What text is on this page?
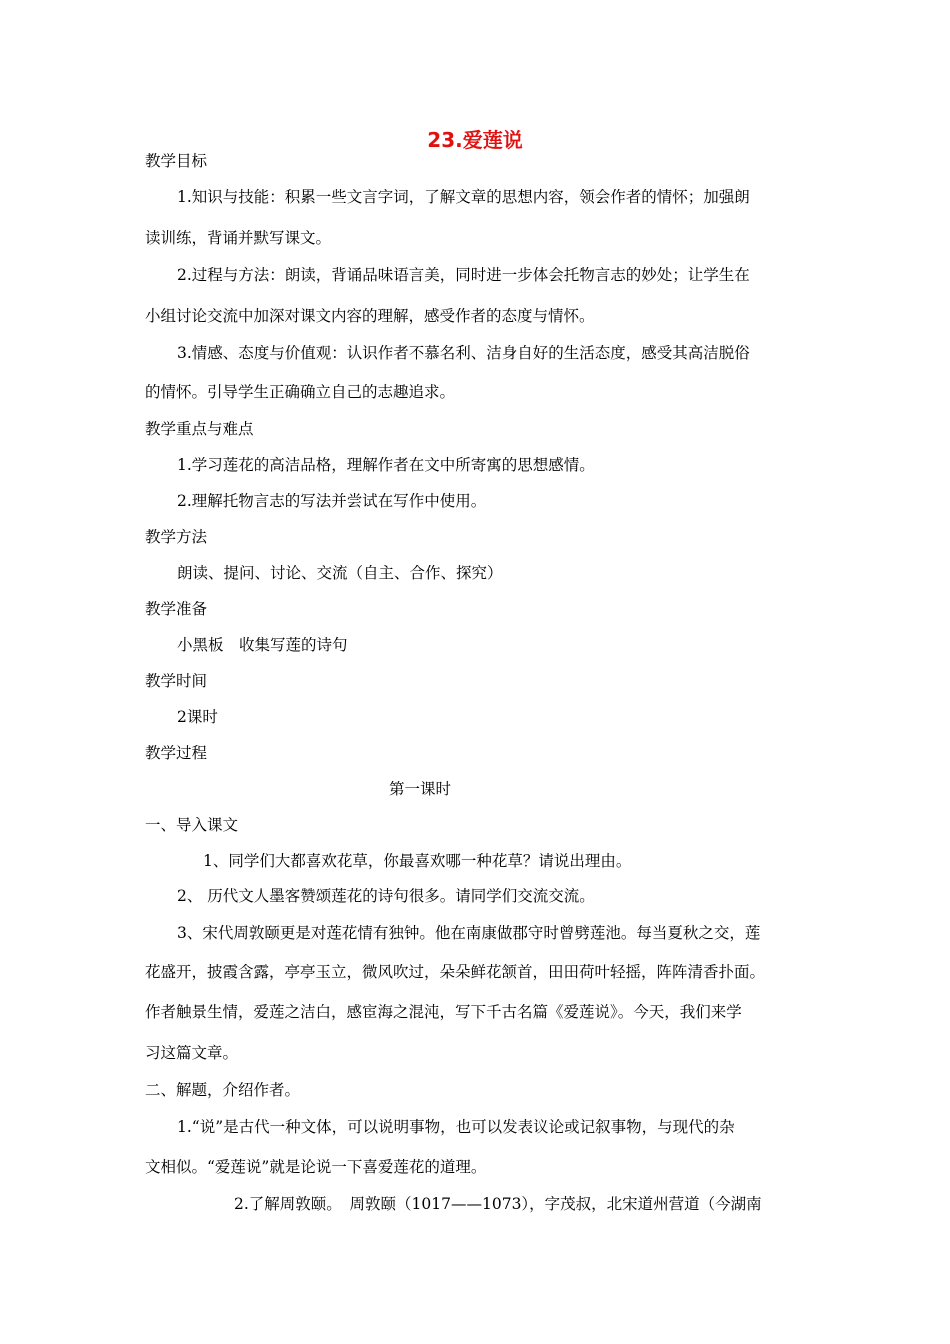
23.爱莲说

教学目标

1.知识与技能：积累一些文言字词，了解文章的思想内容，领会作者的情怀；加强朗

读训练，背诵并默写课文。

2.过程与方法：朗读，背诵品味语言美，同时进一步体会托物言志的妙处；让学生在

小组讨论交流中加深对课文内容的理解，感受作者的态度与情怀。

3.情感、态度与价值观：认识作者不慕名利、洁身自好的生活态度，感受其高洁脱俗

的情怀。引导学生正确确立自己的志趣追求。

教学重点与难点

1.学习莲花的高洁品格，理解作者在文中所寄寓的思想感情。

2.理解托物言志的写法并尝试在写作中使用。

教学方法

朗读、提问、讨论、交流（自主、合作、探究）

教学准备

小黑板　收集写莲的诗句

教学时间

2课时

教学过程

第一课时

一、导入课文

1、同学们大都喜欢花草，你最喜欢哪一种花草？请说出理由。

2、 历代文人墨客赞颂莲花的诗句很多。请同学们交流交流。

3、宋代周敦颐更是对莲花情有独钟。他在南康做郡守时曾劈莲池。每当夏秋之交，莲

花盛开，披霞含露，亭亭玉立，微风吹过，朵朵鲜花颔首，田田荷叶轻摇，阵阵清香扑面。

作者触景生情，爱莲之洁白，感宦海之混沌，写下千古名篇《爱莲说》。今天，我们来学

习这篇文章。

二、解题，介绍作者。

1.“说”是古代一种文体，可以说明事物，也可以发表议论或记叙事物，与现代的杂

文相似。“爱莲说”就是论说一下喜爱莲花的道理。

2.了解周敦颐。　周敦颐（1017——1073），字茂叔，北宋道州营道（今湖南
